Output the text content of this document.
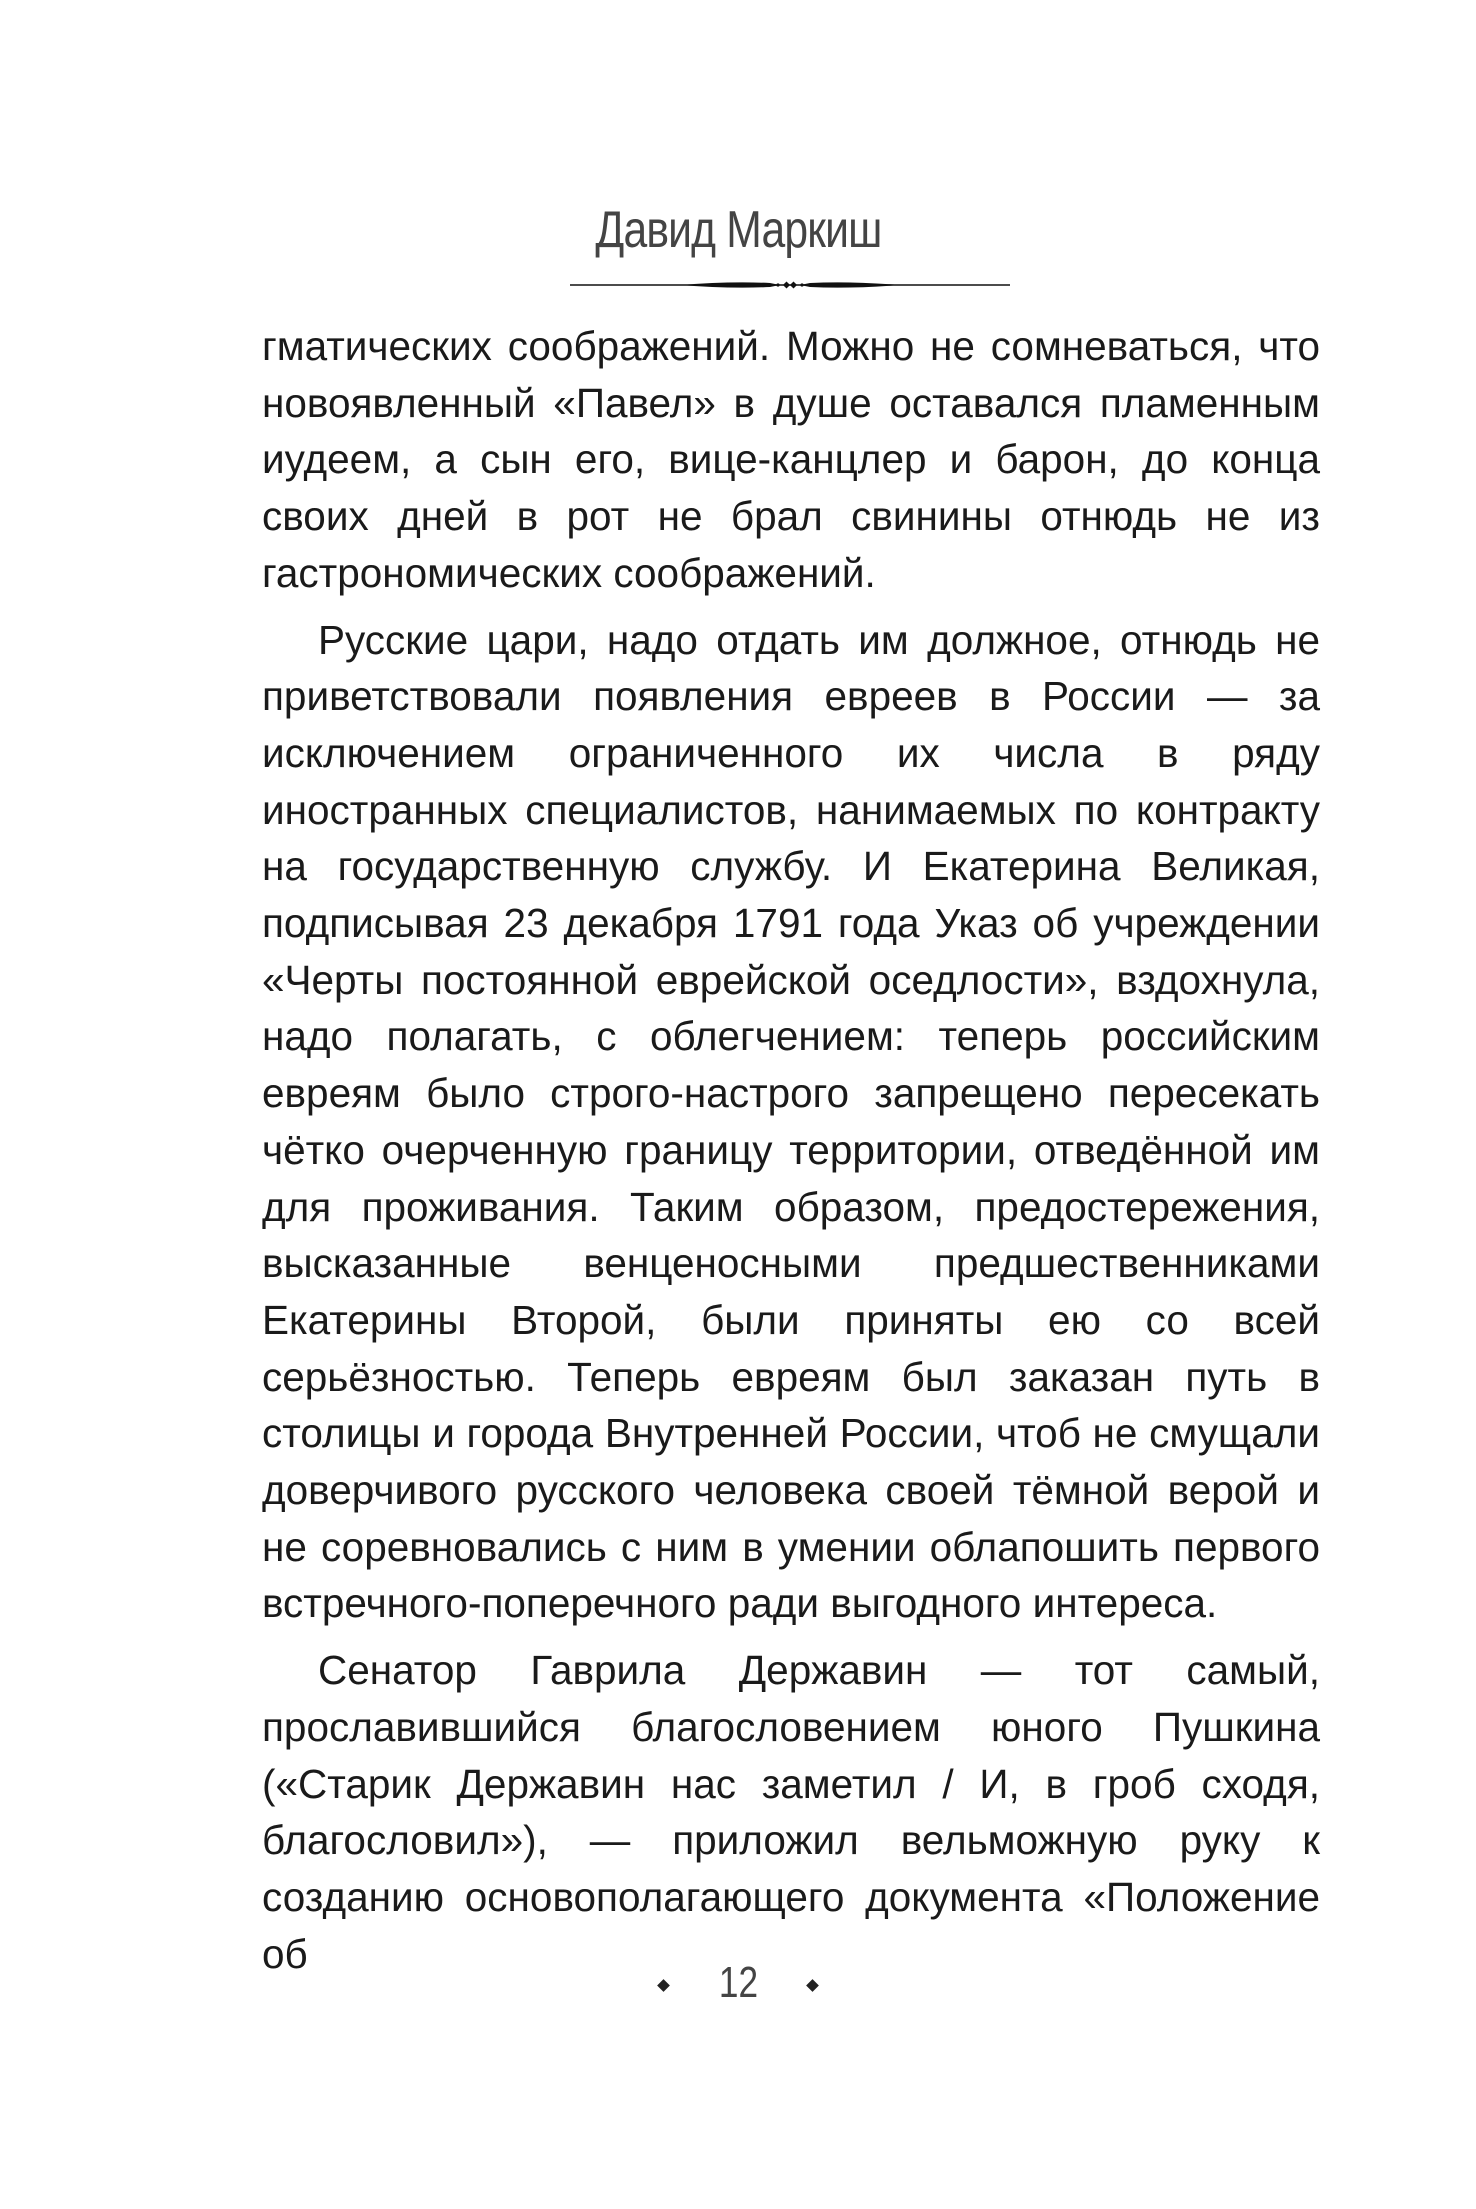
Давид Маркиш

гматических соображений. Можно не сомневаться, что новоявленный «Павел» в душе оставался пламенным иудеем, а сын его, вице-канцлер и барон, до конца своих дней в рот не брал свинины отнюдь не из гастрономических соображений.

Русские цари, надо отдать им должное, отнюдь не приветствовали появления евреев в России — за исключением ограниченного их числа в ряду иностранных специалистов, нанимаемых по контракту на государственную службу. И Екатерина Великая, подписывая 23 декабря 1791 года Указ об учреждении «Черты постоянной еврейской оседлости», вздохнула, надо полагать, с облегчением: теперь российским евреям было строго-настрого запрещено пересекать чётко очерченную границу территории, отведённой им для проживания. Таким образом, предостережения, высказанные венценосными предшественниками Екатерины Второй, были приняты ею со всей серьёзностью. Теперь евреям был заказан путь в столицы и города Внутренней России, чтоб не смущали доверчивого русского человека своей тёмной верой и не соревновались с ним в умении облапошить первого встречного-поперечного ради выгодного интереса.

Сенатор Гаврила Державин — тот самый, прославившийся благословением юного Пушкина («Старик Державин нас заметил / И, в гроб сходя, благословил»), — приложил вельможную руку к созданию основополагающего документа «Положение об

12
